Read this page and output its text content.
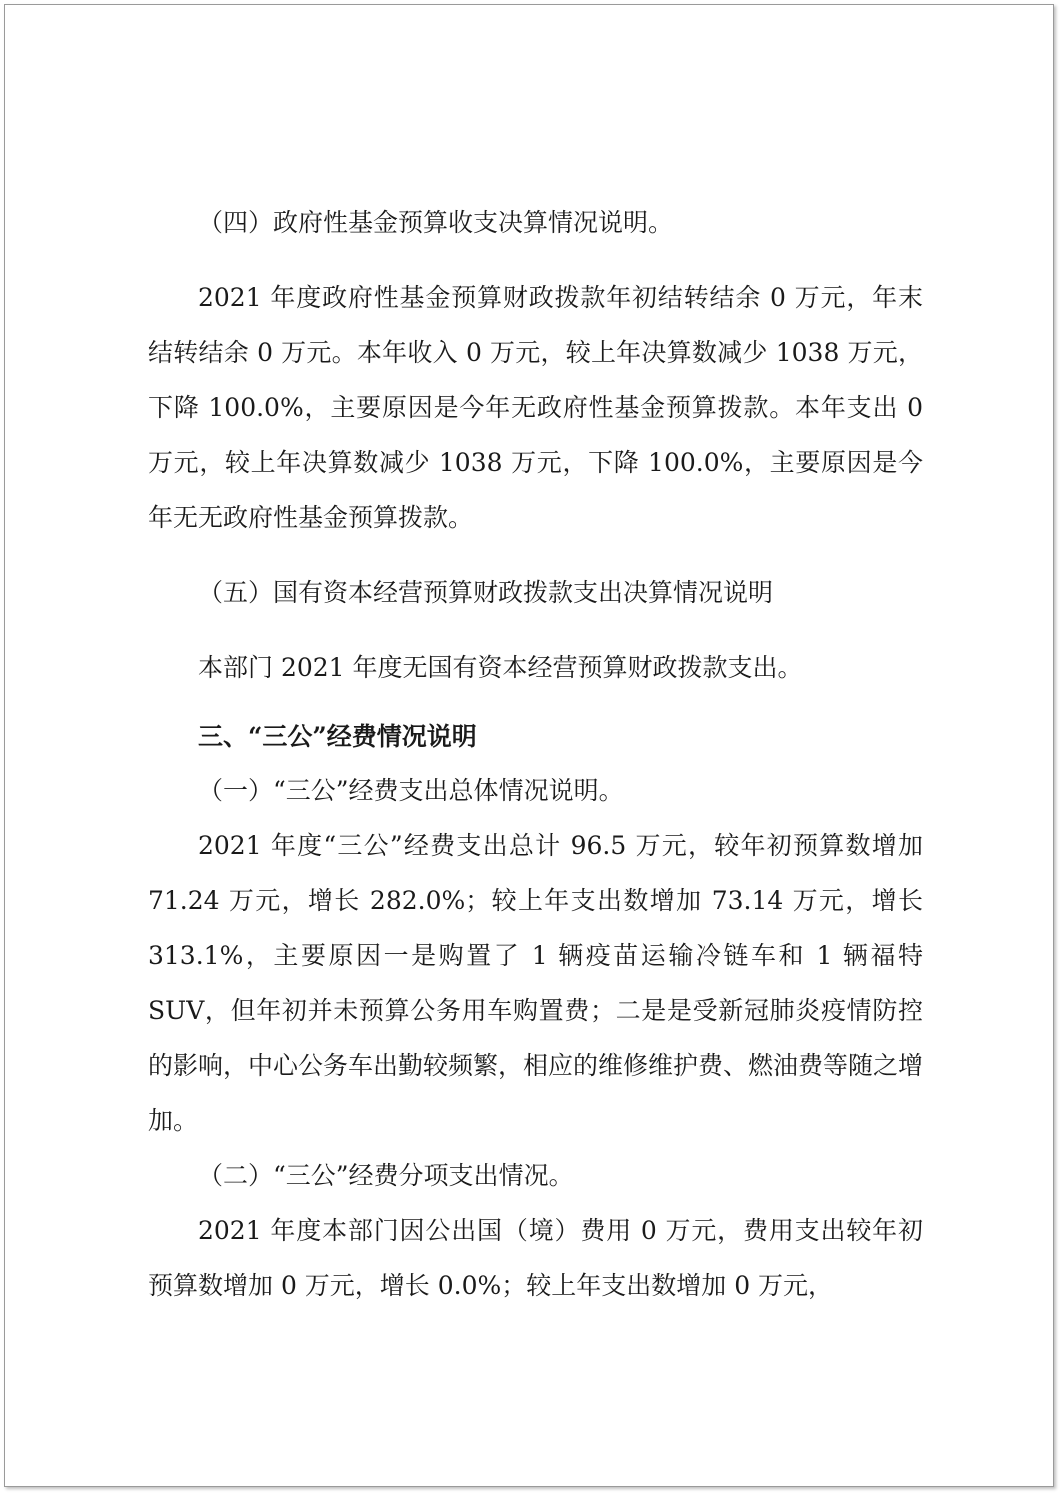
（四）政府性基金预算收支决算情况说明。

2021 年度政府性基金预算财政拨款年初结转结余 0 万元，年末结转结余 0 万元。本年收入 0 万元，较上年决算数减少 1038 万元，下降 100.0%，主要原因是今年无政府性基金预算拨款。本年支出 0 万元，较上年决算数减少 1038 万元，下降 100.0%，主要原因是今年无无政府性基金预算拨款。

（五）国有资本经营预算财政拨款支出决算情况说明

本部门 2021 年度无国有资本经营预算财政拨款支出。

三、“三公”经费情况说明

（一）“三公”经费支出总体情况说明。

2021 年度“三公”经费支出总计 96.5 万元，较年初预算数增加 71.24 万元，增长 282.0%；较上年支出数增加 73.14 万元，增长 313.1%，主要原因一是购置了 1 辆疫苗运输冷链车和 1 辆福特 SUV，但年初并未预算公务用车购置费；二是是受新冠肺炎疫情防控的影响，中心公务车出勤较频繁，相应的维修维护费、燃油费等随之增加。

（二）“三公”经费分项支出情况。

2021 年度本部门因公出国（境）费用 0 万元，费用支出较年初预算数增加 0 万元，增长 0.0%；较上年支出数增加 0 万元，
